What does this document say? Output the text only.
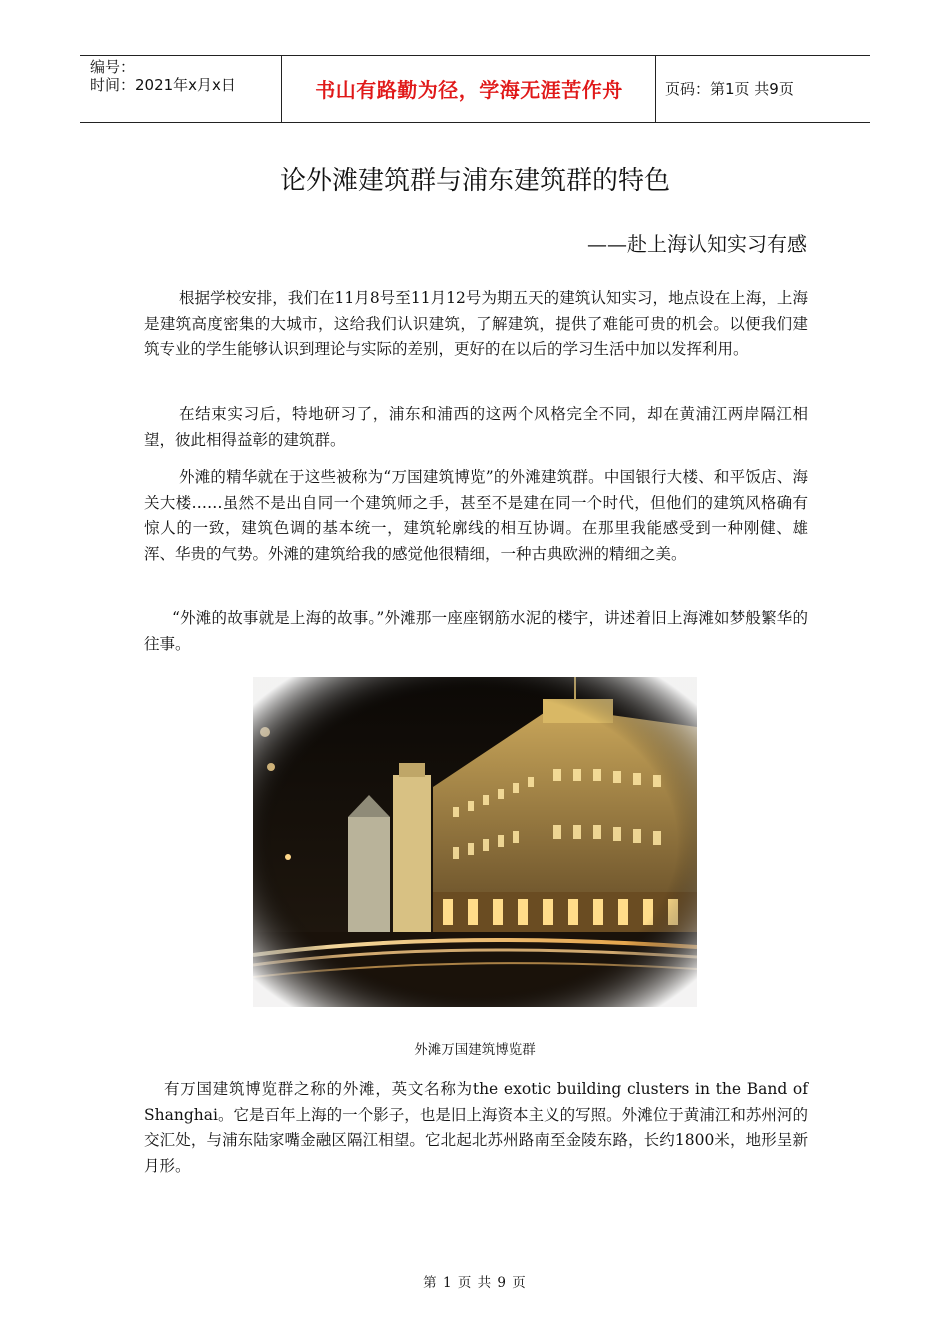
编号：
时间：2021年x月x日	书山有路勤为径，学海无涯苦作舟	页码：第1页 共9页
论外滩建筑群与浦东建筑群的特色
——赴上海认知实习有感
根据学校安排，我们在11月8号至11月12号为期五天的建筑认知实习，地点设在上海，上海是建筑高度密集的大城市，这给我们认识建筑，了解建筑，提供了难能可贵的机会。以便我们建筑专业的学生能够认识到理论与实际的差别，更好的在以后的学习生活中加以发挥利用。
在结束实习后，特地研习了，浦东和浦西的这两个风格完全不同，却在黄浦江两岸隔江相望，彼此相得益彰的建筑群。
外滩的精华就在于这些被称为“万国建筑博览”的外滩建筑群。中国银行大楼、和平饭店、海关大楼……虽然不是出自同一个建筑师之手，甚至不是建在同一个时代，但他们的建筑风格确有惊人的一致，建筑色调的基本统一，建筑轮廓线的相互协调。在那里我能感受到一种刚健、雄浑、华贵的气势。外滩的建筑给我的感觉他很精细，一种古典欧洲的精细之美。
“外滩的故事就是上海的故事。”外滩那一座座钢筋水泥的楼宇，讲述着旧上海滩如梦般繁华的往事。
外滩万国建筑博览群
有万国建筑博览群之称的外滩，英文名称为the exotic building clusters in the Band of Shanghai。它是百年上海的一个影子，也是旧上海资本主义的写照。外滩位于黄浦江和苏州河的交汇处，与浦东陆家嘴金融区隔江相望。它北起北苏州路南至金陵东路，长约1800米，地形呈新月形。
第 1 页 共 9 页
